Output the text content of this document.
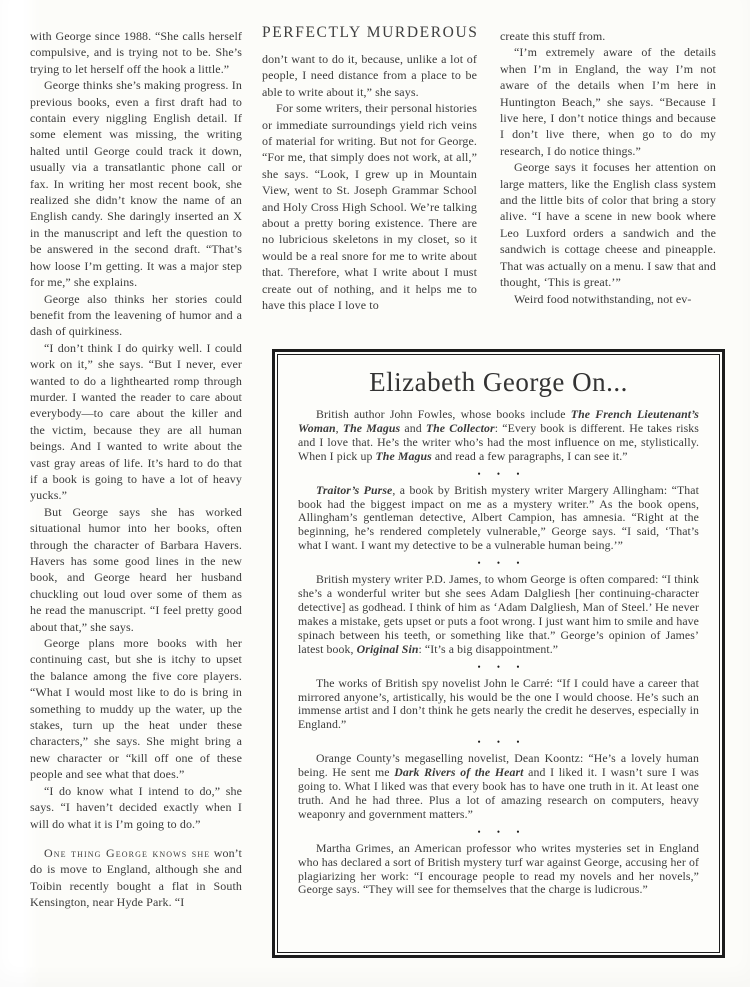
with George since 1988. “She calls herself compulsive, and is trying not to be. She’s trying to let herself off the hook a little.”

George thinks she’s making progress. In previous books, even a first draft had to contain every niggling English detail. If some element was missing, the writing halted until George could track it down, usually via a transatlantic phone call or fax. In writing her most recent book, she realized she didn’t know the name of an English candy. She daringly inserted an X in the manuscript and left the question to be answered in the second draft. “That’s how loose I’m getting. It was a major step for me,” she explains.

George also thinks her stories could benefit from the leavening of humor and a dash of quirkiness.

“I don’t think I do quirky well. I could work on it,” she says. “But I never, ever wanted to do a lighthearted romp through murder. I wanted the reader to care about everybody—to care about the killer and the victim, because they are all human beings. And I wanted to write about the vast gray areas of life. It’s hard to do that if a book is going to have a lot of heavy yucks.”

But George says she has worked situational humor into her books, often through the character of Barbara Havers. Havers has some good lines in the new book, and George heard her husband chuckling out loud over some of them as he read the manuscript. “I feel pretty good about that,” she says.

George plans more books with her continuing cast, but she is itchy to upset the balance among the five core players. “What I would most like to do is bring in something to muddy up the water, up the stakes, turn up the heat under these characters,” she says. She might bring a new character or “kill off one of these people and see what that does.”

“I do know what I intend to do,” she says. “I haven’t decided exactly when I will do what it is I’m going to do.”

One thing George knows she won’t do is move to England, although she and Toibin recently bought a flat in South Kensington, near Hyde Park. “I

PERFECTLY MURDEROUS

don’t want to do it, because, unlike a lot of people, I need distance from a place to be able to write about it,” she says.

For some writers, their personal histories or immediate surroundings yield rich veins of material for writing. But not for George. “For me, that simply does not work, at all,” she says. “Look, I grew up in Mountain View, went to St. Joseph Grammar School and Holy Cross High School. We’re talking about a pretty boring existence. There are no lubricious skeletons in my closet, so it would be a real snore for me to write about that. Therefore, what I write about I must create out of nothing, and it helps me to have this place I love to

create this stuff from.

“I’m extremely aware of the details when I’m in England, the way I’m not aware of the details when I’m here in Huntington Beach,” she says. “Because I live here, I don’t notice things and because I don’t live there, when go to do my research, I do notice things.”

George says it focuses her attention on large matters, like the English class system and the little bits of color that bring a story alive. “I have a scene in new book where Leo Luxford orders a sandwich and the sandwich is cottage cheese and pineapple. That was actually on a menu. I saw that and thought, ‘This is great.’”

Weird food notwithstanding, not ev-

Elizabeth George On...

British author John Fowles, whose books include The French Lieutenant’s Woman, The Magus and The Collector: “Every book is different. He takes risks and I love that. He’s the writer who’s had the most influence on me, stylistically. When I pick up The Magus and read a few paragraphs, I can see it.”

• • •

Traitor’s Purse, a book by British mystery writer Margery Allingham: “That book had the biggest impact on me as a mystery writer.” As the book opens, Allingham’s gentleman detective, Albert Campion, has amnesia. “Right at the beginning, he’s rendered completely vulnerable,” George says. “I said, ‘That’s what I want. I want my detective to be a vulnerable human being.’”

• • •

British mystery writer P.D. James, to whom George is often compared: “I think she’s a wonderful writer but she sees Adam Dalgliesh [her continuing-character detective] as godhead. I think of him as ‘Adam Dalgliesh, Man of Steel.’ He never makes a mistake, gets upset or puts a foot wrong. I just want him to smile and have spinach between his teeth, or something like that.” George’s opinion of James’ latest book, Original Sin: “It’s a big disappointment.”

• • •

The works of British spy novelist John le Carré: “If I could have a career that mirrored anyone’s, artistically, his would be the one I would choose. He’s such an immense artist and I don’t think he gets nearly the credit he deserves, especially in England.”

• • •

Orange County’s megaselling novelist, Dean Koontz: “He’s a lovely human being. He sent me Dark Rivers of the Heart and I liked it. I wasn’t sure I was going to. What I liked was that every book has to have one truth in it. At least one truth. And he had three. Plus a lot of amazing research on computers, heavy weaponry and government matters.”

• • •

Martha Grimes, an American professor who writes mysteries set in England who has declared a sort of British mystery turf war against George, accusing her of plagiarizing her work: “I encourage people to read my novels and her novels,” George says. “They will see for themselves that the charge is ludicrous.”
